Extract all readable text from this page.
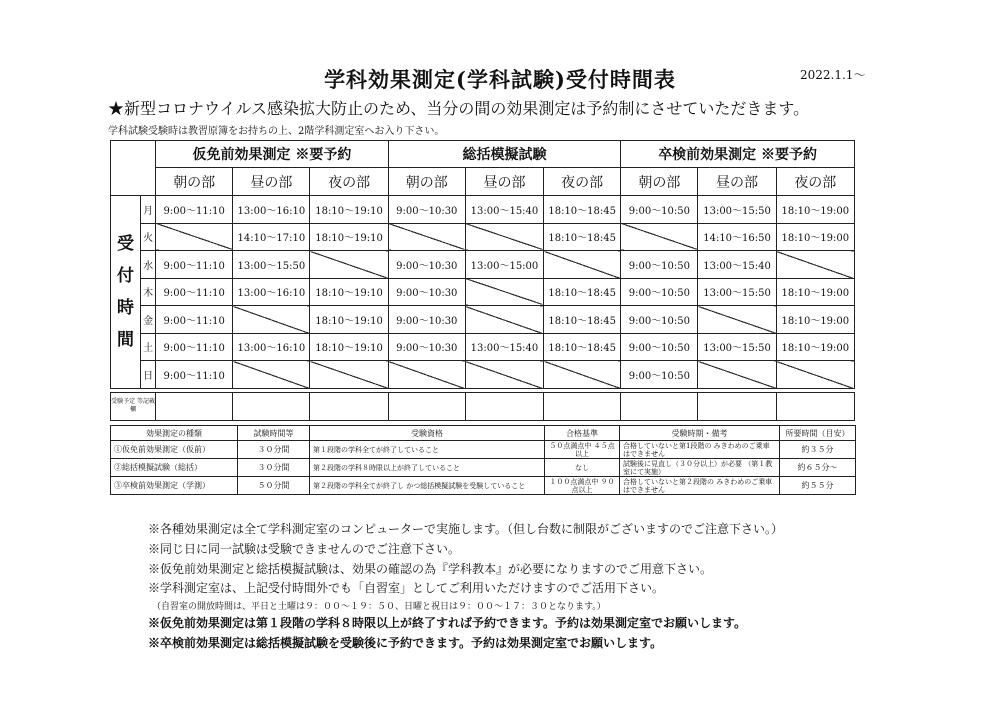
学科効果測定(学科試験)受付時間表	2022.1.1～
★新型コロナウイルス感染拡大防止のため、当分の間の効果測定は予約制にさせていただきます。
学科試験受験時は教習原簿をお持ちの上、2階学科測定室へお入り下さい。
		仮免前効果測定 ※要予約			総括模擬試験			卒検前効果測定 ※要予約		
		朝の部	昼の部	夜の部	朝の部	昼の部	夜の部	朝の部	昼の部	夜の部

受
付
時
間	月	9:00～11:10	13:00～16:10	18:10～19:10	9:00～10:30	13:00～15:40	18:10～18:45	9:00～10:50	13:00～15:50	18:10～19:00
	火		14:10～17:10	18:10～19:10			18:10～18:45		14:10～16:50	18:10～19:00
	水	9:00～11:10	13:00～15:50		9:00～10:30	13:00～15:00		9:00～10:50	13:00～15:40	
	木	9:00～11:10	13:00～16:10	18:10～19:10	9:00～10:30		18:10～18:45	9:00～10:50	13:00～15:50	18:10～19:00
	金	9:00～11:10		18:10～19:10	9:00～10:30		18:10～18:45	9:00～10:50		18:10～19:00
	土	9:00～11:10	13:00～16:10	18:10～19:10	9:00～10:30	13:00～15:40	18:10～18:45	9:00～10:50	13:00～15:50	18:10～19:00
	日	9:00～11:10						9:00～10:50		

受験予定 等記載欄										
効果測定の種類	試験時間等	受験資格	合格基準	受験時期・備考	所要時間（目安）
①仮免前効果測定（仮前）	３０分間	第１段階の学科全てが終了していること	５０点満点中 ４５点以上	合格していないと第1段階の みきわめのご乗車はできません	約３５分
②総括模擬試験（総括）	３０分間	第２段階の学科８時限以上が終了していること	なし	試験後に見直し（３０分以上）が必要 （第１教室にて実施）	約６５分～
③卒検前効果測定（学測）	５０分間	第２段階の学科全てが終了し かつ総括模擬試験を受験していること	１００点満点中 ９０点以上	合格していないと第２段階の みきわめのご乗車はできません	約５５分
※各種効果測定は全て学科測定室のコンピューターで実施します。（但し台数に制限がございますのでご注意下さい。）
※同じ日に同一試験は受験できませんのでご注意下さい。
※仮免前効果測定と総括模擬試験は、効果の確認の為『学科教本』が必要になりますのでご用意下さい。
※学科測定室は、上記受付時間外でも「自習室」としてご利用いただけますのでご活用下さい。
（自習室の開放時間は、平日と土曜は９：００～１９：５０、日曜と祝日は９：００～１７：３０となります。）
※仮免前効果測定は第１段階の学科８時限以上が終了すれば予約できます。予約は効果測定室でお願いします。
※卒検前効果測定は総括模擬試験を受験後に予約できます。予約は効果測定室でお願いします。
